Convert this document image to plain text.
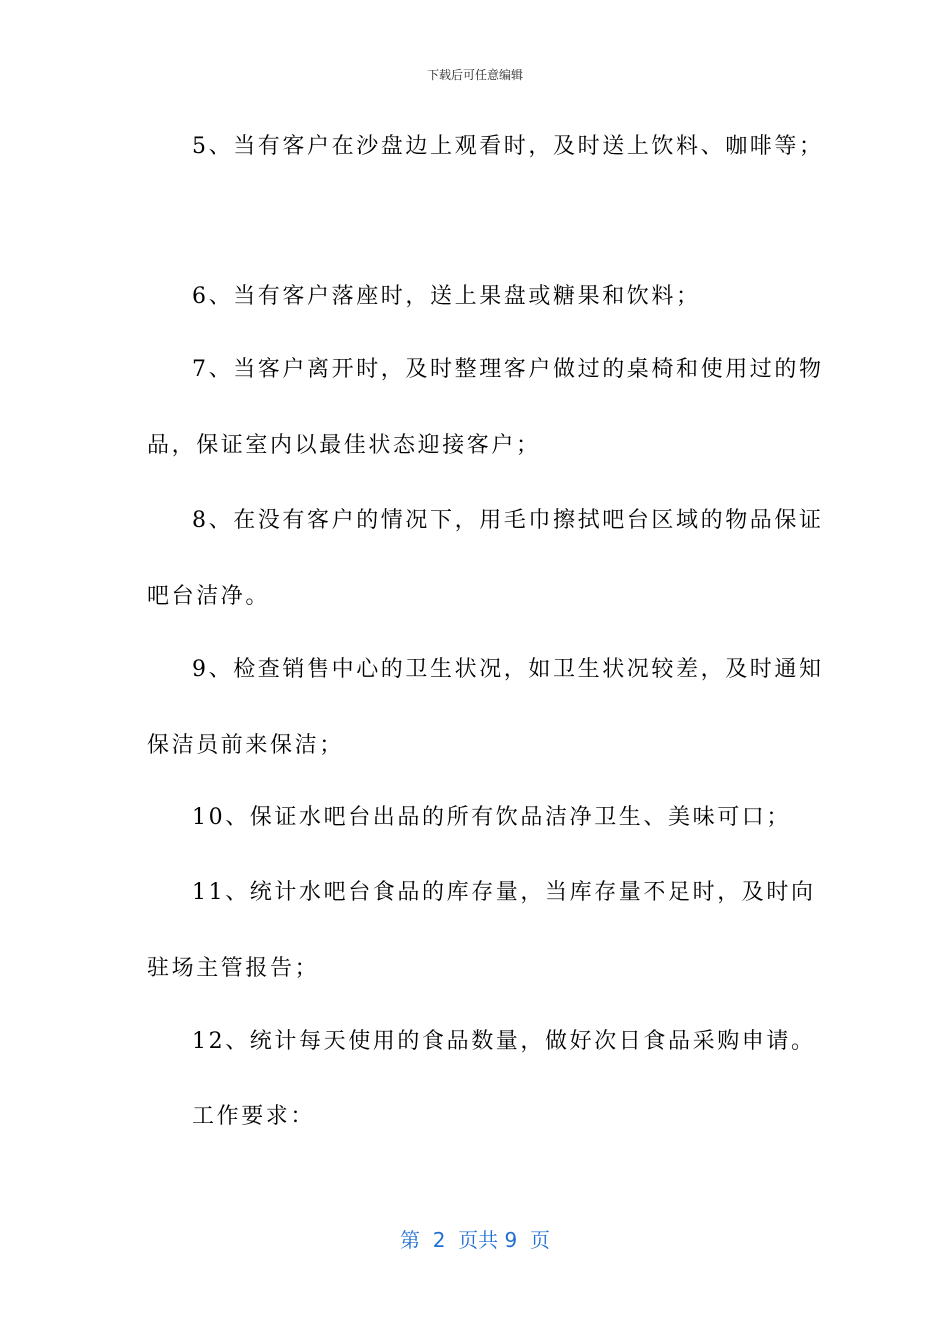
下载后可任意编辑
5、当有客户在沙盘边上观看时，及时送上饮料、咖啡等；
6、当有客户落座时，送上果盘或糖果和饮料；
7、当客户离开时，及时整理客户做过的桌椅和使用过的物
品，保证室内以最佳状态迎接客户；
8、在没有客户的情况下，用毛巾擦拭吧台区域的物品保证
吧台洁净。
9、检查销售中心的卫生状况，如卫生状况较差，及时通知
保洁员前来保洁；
10、保证水吧台出品的所有饮品洁净卫生、美味可口；
11、统计水吧台食品的库存量，当库存量不足时，及时向
驻场主管报告；
12、统计每天使用的食品数量，做好次日食品采购申请。
工作要求：
第  2  页共 9  页
